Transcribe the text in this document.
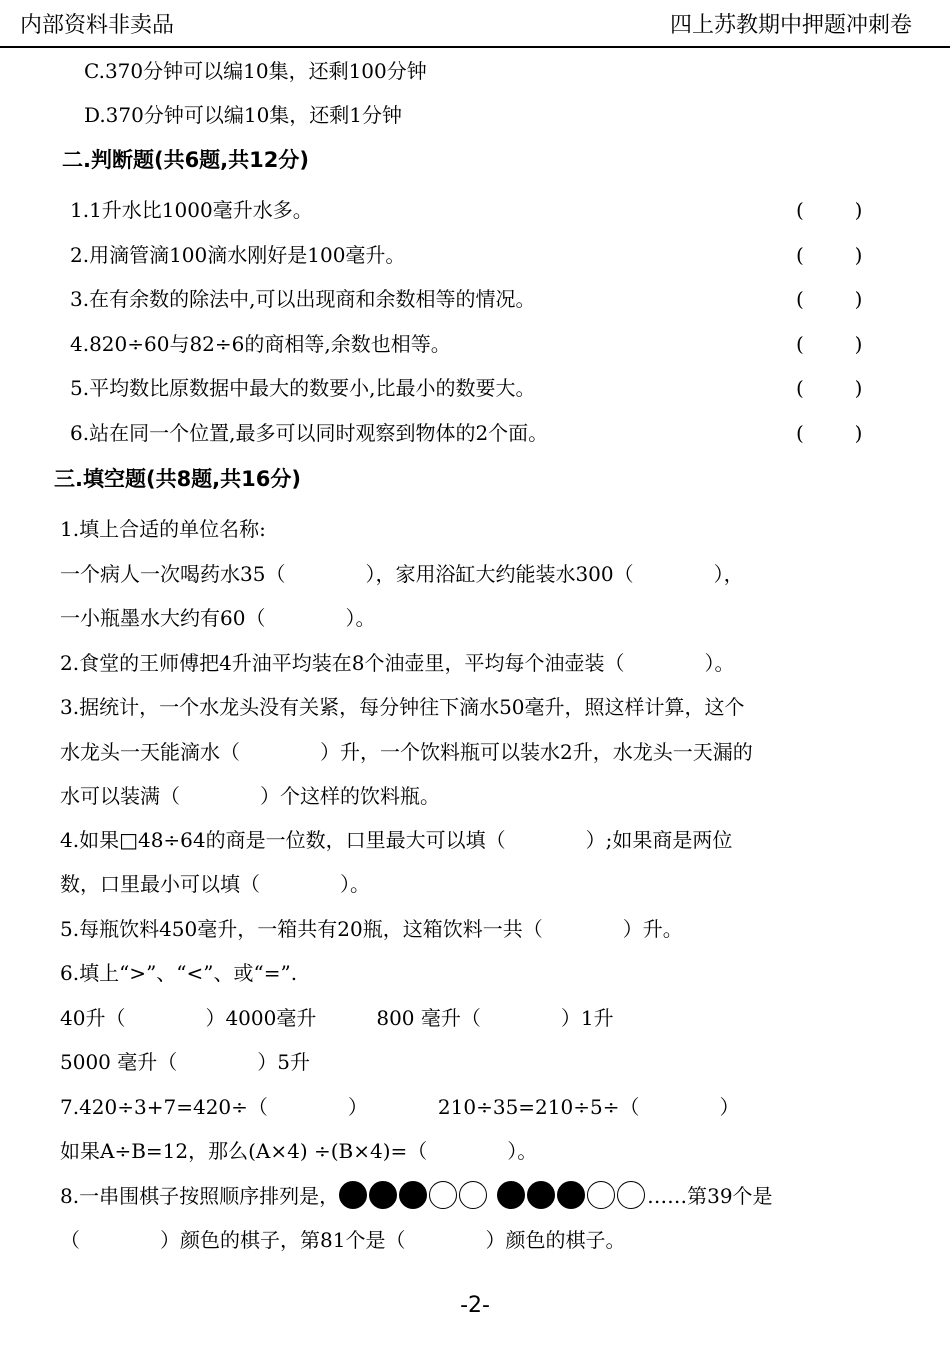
内部资料非卖品	四上苏教期中押题冲刺卷
C.370分钟可以编10集，还剩100分钟
D.370分钟可以编10集，还剩1分钟
二.判断题(共6题,共12分)
1.1升水比1000毫升水多。	(        )
2.用滴管滴100滴水刚好是100毫升。	(        )
3.在有余数的除法中,可以出现商和余数相等的情况。	(        )
4.820÷60与82÷6的商相等,余数也相等。	(        )
5.平均数比原数据中最大的数要小,比最小的数要大。	(        )
6.站在同一个位置,最多可以同时观察到物体的2个面。	(        )
三.填空题(共8题,共16分)
1.填上合适的单位名称:
一个病人一次喝药水35（　　　　），家用浴缸大约能装水300（　　　　），
一小瓶墨水大约有60（　　　　）。
2.食堂的王师傅把4升油平均装在8个油壶里，平均每个油壶装（　　　　）。
3.据统计，一个水龙头没有关紧，每分钟往下滴水50毫升，照这样计算，这个
水龙头一天能滴水（　　　　）升，一个饮料瓶可以装水2升，水龙头一天漏的
水可以装满（　　　　）个这样的饮料瓶。
4.如果□48÷64的商是一位数，口里最大可以填（　　　　）;如果商是两位
数，口里最小可以填（　　　　）。
5.每瓶饮料450毫升，一箱共有20瓶，这箱饮料一共（　　　　）升。
6.填上“>”、“<”、或“=”.
40升（　　　　）4000毫升　　　800 毫升（　　　　）1升
5000 毫升（　　　　）5升
7.420÷3+7=420÷（　　　　）　　　　210÷35=210÷5÷（　　　　）
如果A÷B=12，那么(A×4) ÷(B×4)=（　　　　）。
8.一串围棋子按照顺序排列是，	……第39个是
（　　　　）颜色的棋子，第81个是（　　　　）颜色的棋子。
-2-
